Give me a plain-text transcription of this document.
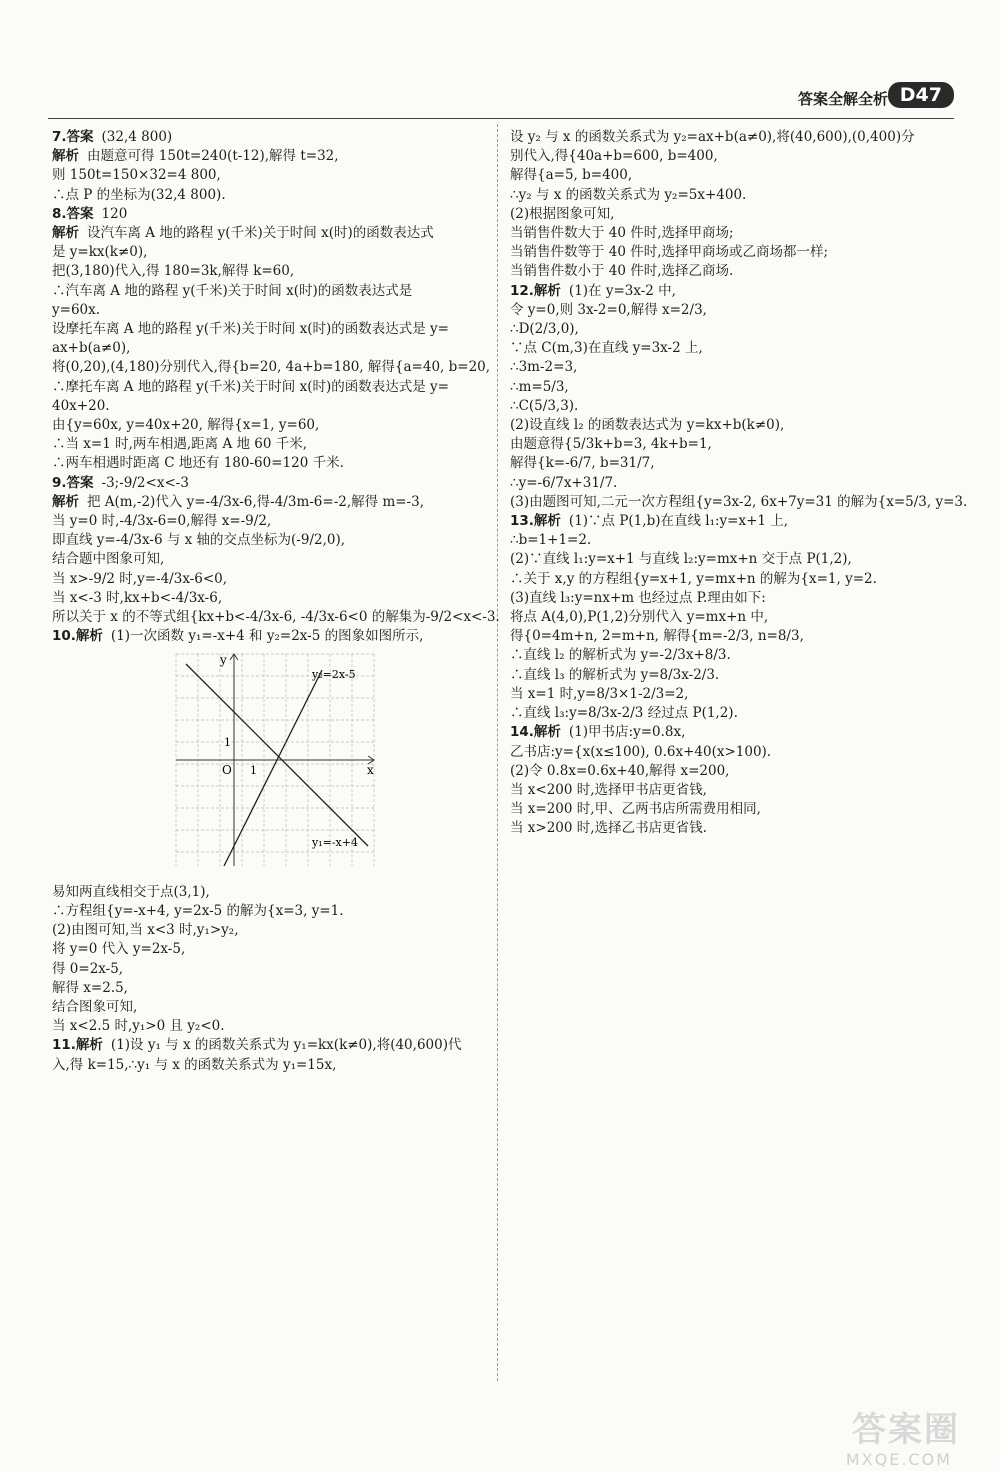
答案全解全析 D47
7.答案 (32,4 800)
解析 由题意可得 150t=240(t-12),解得 t=32,
则 150t=150×32=4 800,
∴点 P 的坐标为(32,4 800).
8.答案 120
解析 设汽车离 A 地的路程 y(千米)关于时间 x(时)的函数表达式
是 y=kx(k≠0),
把(3,180)代入,得 180=3k,解得 k=60,
∴汽车离 A 地的路程 y(千米)关于时间 x(时)的函数表达式是
y=60x.
设摩托车离 A 地的路程 y(千米)关于时间 x(时)的函数表达式是 y=
ax+b(a≠0),
将(0,20),(4,180)分别代入,得{b=20, 4a+b=180, 解得{a=40, b=20,
∴摩托车离 A 地的路程 y(千米)关于时间 x(时)的函数表达式是 y=
40x+20.
由{y=60x, y=40x+20, 解得{x=1, y=60,
∴当 x=1 时,两车相遇,距离 A 地 60 千米,
∴两车相遇时距离 C 地还有 180-60=120 千米.
9.答案 -3;-9/2<x<-3
解析 把 A(m,-2)代入 y=-4/3x-6,得-4/3m-6=-2,解得 m=-3,
当 y=0 时,-4/3x-6=0,解得 x=-9/2,
即直线 y=-4/3x-6 与 x 轴的交点坐标为(-9/2,0),
结合题中图象可知,
当 x>-9/2 时,y=-4/3x-6<0,
当 x<-3 时,kx+b<-4/3x-6,
所以关于 x 的不等式组{kx+b<-4/3x-6, -4/3x-6<0 的解集为-9/2<x<-3.
10.解析 (1)一次函数 y₁=-x+4 和 y₂=2x-5 的图象如图所示,
x
y
O 1
1
y₂=2x-5
y₁=-x+4
易知两直线相交于点(3,1),
∴方程组{y=-x+4, y=2x-5 的解为{x=3, y=1.
(2)由图可知,当 x<3 时,y₁>y₂,
将 y=0 代入 y=2x-5,
得 0=2x-5,
解得 x=2.5,
结合图象可知,
当 x<2.5 时,y₁>0 且 y₂<0.
11.解析 (1)设 y₁ 与 x 的函数关系式为 y₁=kx(k≠0),将(40,600)代
入,得 k=15,∴y₁ 与 x 的函数关系式为 y₁=15x,
设 y₂ 与 x 的函数关系式为 y₂=ax+b(a≠0),将(40,600),(0,400)分
别代入,得{40a+b=600, b=400,
解得{a=5, b=400,
∴y₂ 与 x 的函数关系式为 y₂=5x+400.
(2)根据图象可知,
当销售件数大于 40 件时,选择甲商场;
当销售件数等于 40 件时,选择甲商场或乙商场都一样;
当销售件数小于 40 件时,选择乙商场.
12.解析 (1)在 y=3x-2 中,
令 y=0,则 3x-2=0,解得 x=2/3,
∴D(2/3,0),
∵点 C(m,3)在直线 y=3x-2 上,
∴3m-2=3,
∴m=5/3,
∴C(5/3,3).
(2)设直线 l₂ 的函数表达式为 y=kx+b(k≠0),
由题意得{5/3k+b=3, 4k+b=1,
解得{k=-6/7, b=31/7,
∴y=-6/7x+31/7.
(3)由题图可知,二元一次方程组{y=3x-2, 6x+7y=31 的解为{x=5/3, y=3.
13.解析 (1)∵点 P(1,b)在直线 l₁:y=x+1 上,
∴b=1+1=2.
(2)∵直线 l₁:y=x+1 与直线 l₂:y=mx+n 交于点 P(1,2),
∴关于 x,y 的方程组{y=x+1, y=mx+n 的解为{x=1, y=2.
(3)直线 l₃:y=nx+m 也经过点 P.理由如下:
将点 A(4,0),P(1,2)分别代入 y=mx+n 中,
得{0=4m+n, 2=m+n, 解得{m=-2/3, n=8/3,
∴直线 l₂ 的解析式为 y=-2/3x+8/3.
∴直线 l₃ 的解析式为 y=8/3x-2/3.
当 x=1 时,y=8/3×1-2/3=2,
∴直线 l₃:y=8/3x-2/3 经过点 P(1,2).
14.解析 (1)甲书店:y=0.8x,
乙书店:y={x(x≤100), 0.6x+40(x>100).
(2)令 0.8x=0.6x+40,解得 x=200,
当 x<200 时,选择甲书店更省钱,
当 x=200 时,甲、乙两书店所需费用相同,
当 x>200 时,选择乙书店更省钱.
答案圈
MXQE.COM
